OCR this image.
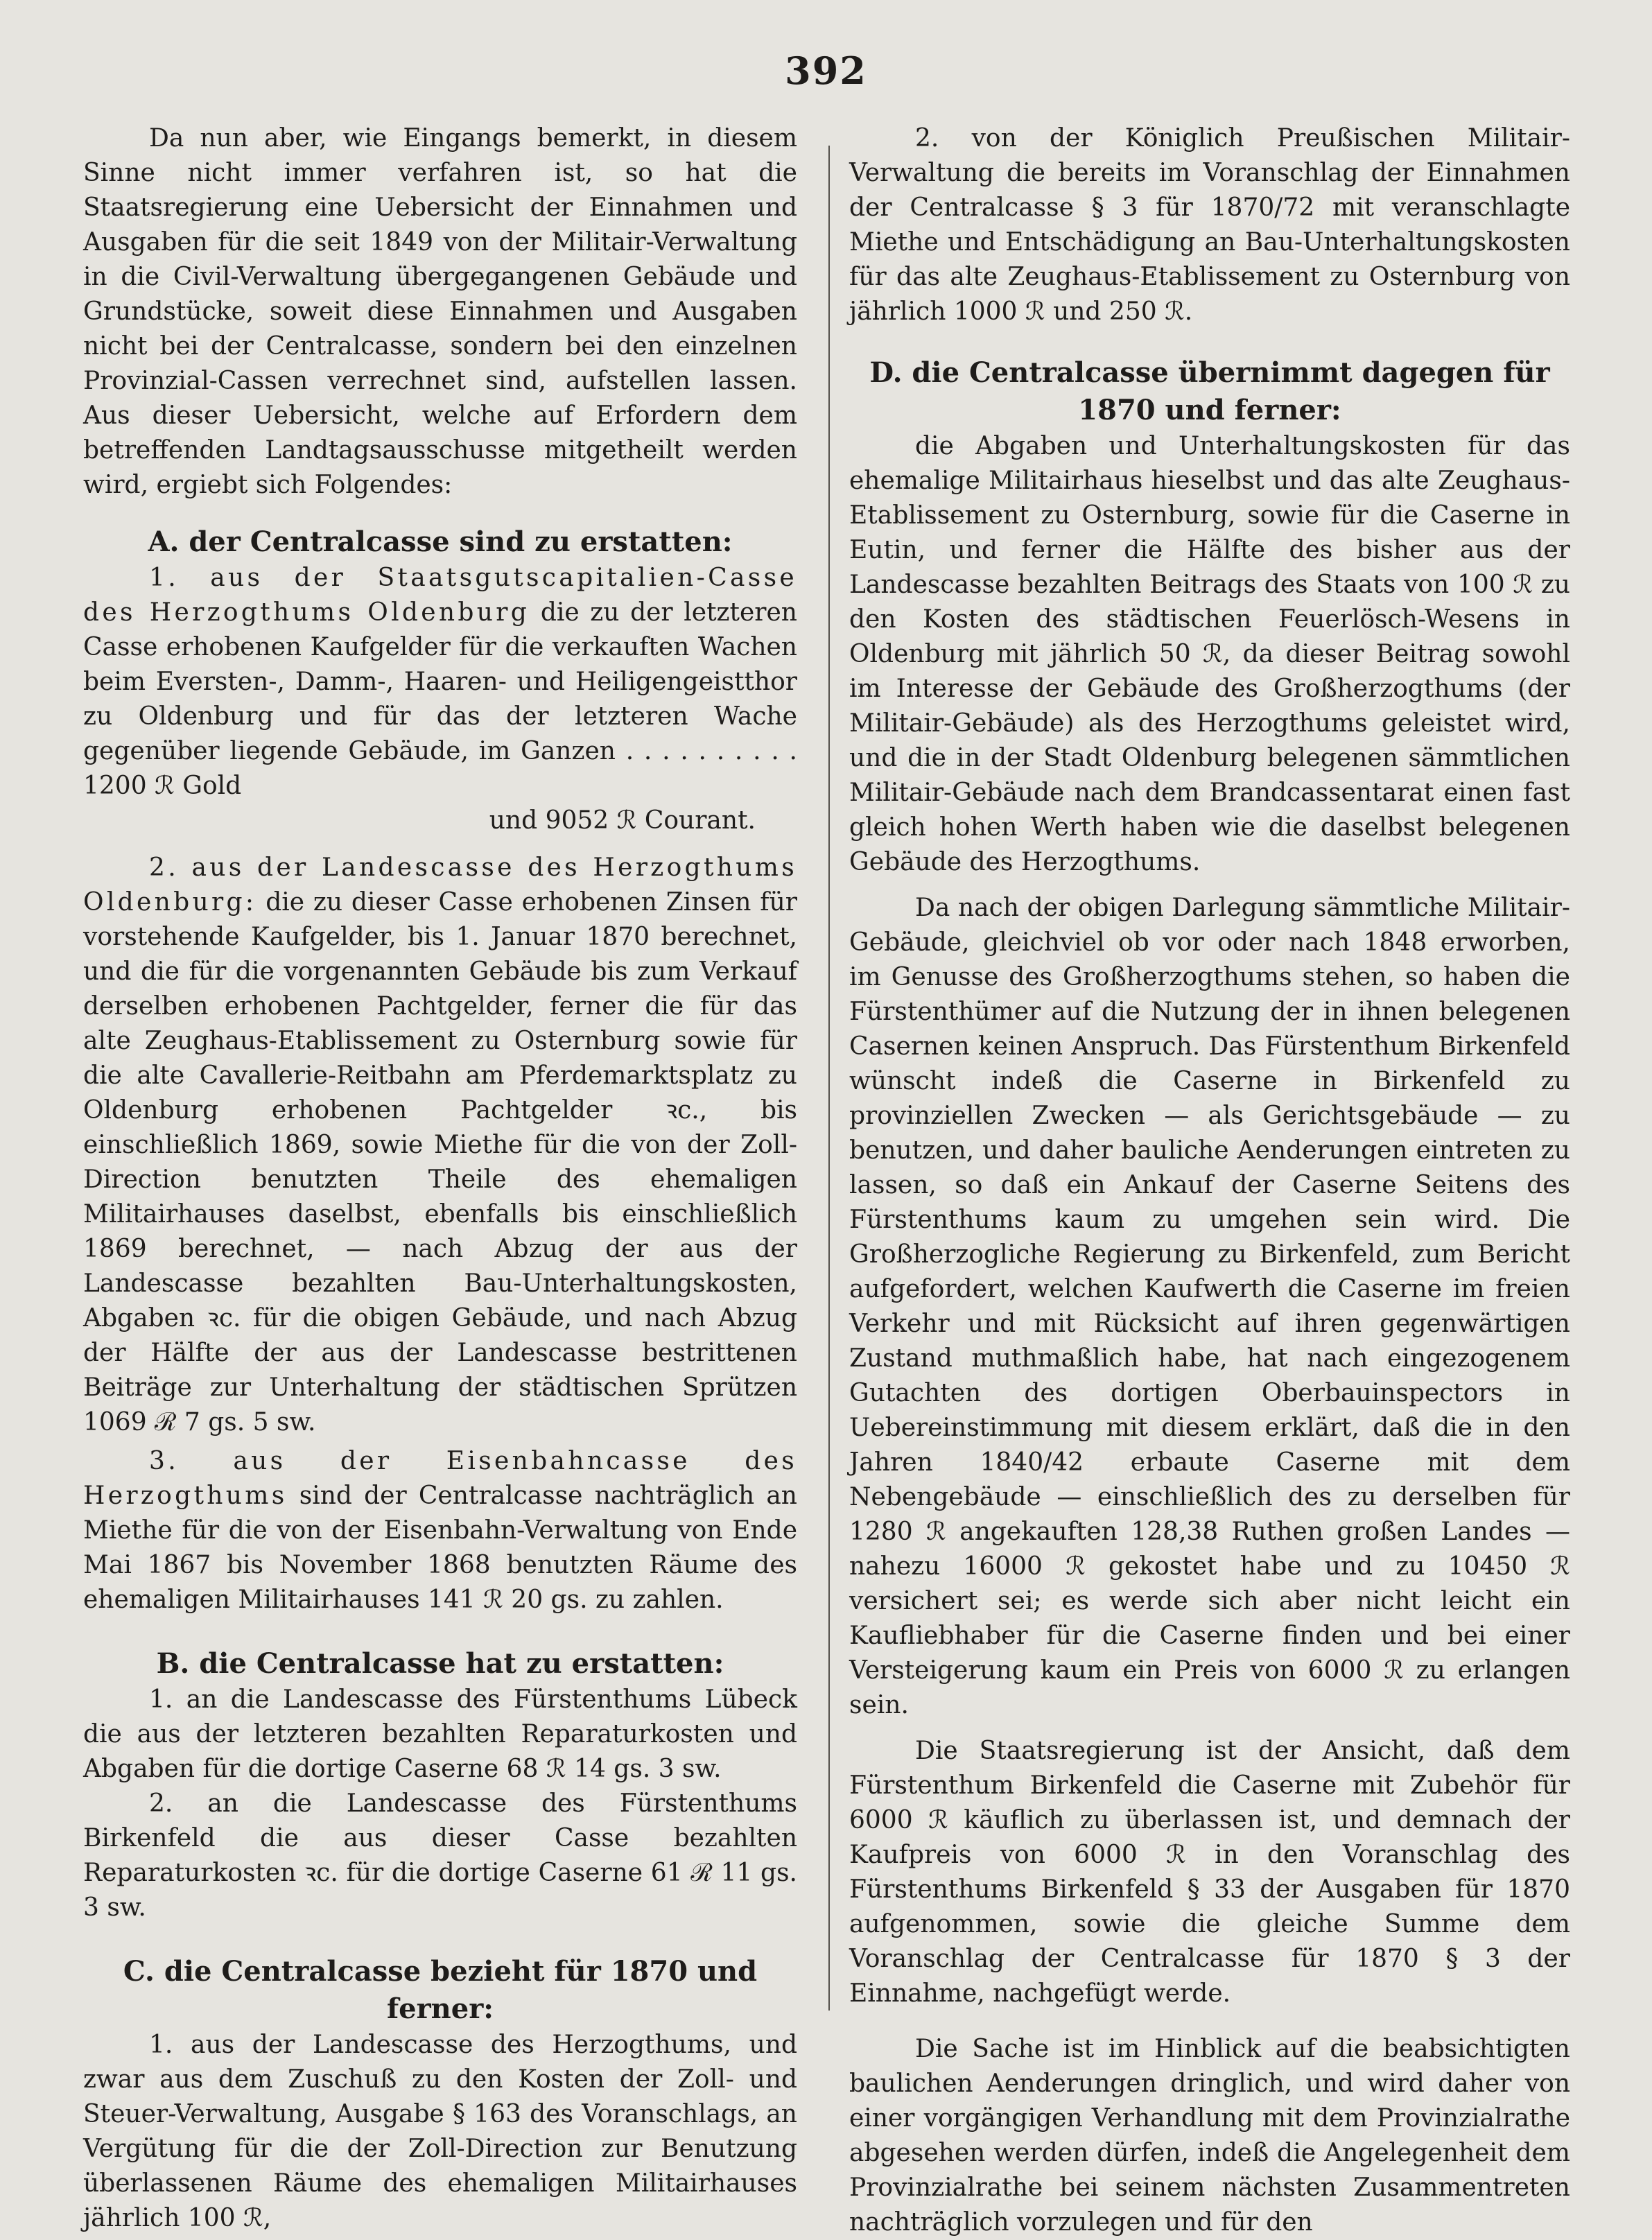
392

Da nun aber, wie Eingangs bemerkt, in diesem Sinne nicht immer verfahren ist, so hat die Staatsregierung eine Uebersicht der Einnahmen und Ausgaben für die seit 1849 von der Militair-Verwaltung in die Civil-Verwaltung übergegangenen Gebäude und Grundstücke, soweit diese Einnahmen und Ausgaben nicht bei der Centralcasse, sondern bei den einzelnen Provinzial-Cassen verrechnet sind, aufstellen lassen. Aus dieser Uebersicht, welche auf Erfordern dem betreffenden Landtagsausschusse mitgetheilt werden wird, ergiebt sich Folgendes:

A. der Centralcasse sind zu erstatten:

1. aus der Staatsgutscapitalien-Casse des Herzogthums Oldenburg die zu der letzteren Casse erhobenen Kaufgelder für die verkauften Wachen beim Eversten-, Damm-, Haaren- und Heiligengeistthor zu Oldenburg und für das der letzteren Wache gegenüber liegende Gebäude, im Ganzen . . . . . . . . . . 1200 ℛ Gold

und 9052 ℛ Courant.

2. aus der Landescasse des Herzogthums Oldenburg: die zu dieser Casse erhobenen Zinsen für vorstehende Kaufgelder, bis 1. Januar 1870 berechnet, und die für die vorgenannten Gebäude bis zum Verkauf derselben erhobenen Pachtgelder, ferner die für das alte Zeughaus-Etablissement zu Osternburg sowie für die alte Cavallerie-Reitbahn am Pferdemarktsplatz zu Oldenburg erhobenen Pachtgelder ꝛc., bis einschließlich 1869, sowie Miethe für die von der Zoll-Direction benutzten Theile des ehemaligen Militairhauses daselbst, ebenfalls bis einschließlich 1869 berechnet, — nach Abzug der aus der Landescasse bezahlten Bau-Unterhaltungskosten, Abgaben ꝛc. für die obigen Gebäude, und nach Abzug der Hälfte der aus der Landescasse bestrittenen Beiträge zur Unterhaltung der städtischen Sprützen 1069 ℛ 7 gs. 5 sw.

3. aus der Eisenbahncasse des Herzogthums sind der Centralcasse nachträglich an Miethe für die von der Eisenbahn-Verwaltung von Ende Mai 1867 bis November 1868 benutzten Räume des ehemaligen Militairhauses 141 ℛ 20 gs. zu zahlen.

B. die Centralcasse hat zu erstatten:

1. an die Landescasse des Fürstenthums Lübeck die aus der letzteren bezahlten Reparaturkosten und Abgaben für die dortige Caserne 68 ℛ 14 gs. 3 sw.

2. an die Landescasse des Fürstenthums Birkenfeld die aus dieser Casse bezahlten Reparaturkosten ꝛc. für die dortige Caserne 61 ℛ 11 gs. 3 sw.

C. die Centralcasse bezieht für 1870 und ferner:

1. aus der Landescasse des Herzogthums, und zwar aus dem Zuschuß zu den Kosten der Zoll- und Steuer-Verwaltung, Ausgabe § 163 des Voranschlags, an Vergütung für die der Zoll-Direction zur Benutzung überlassenen Räume des ehemaligen Militairhauses jährlich 100 ℛ,

2. von der Königlich Preußischen Militair-Verwaltung die bereits im Voranschlag der Einnahmen der Centralcasse § 3 für 1870/72 mit veranschlagte Miethe und Entschädigung an Bau-Unterhaltungskosten für das alte Zeughaus-Etablissement zu Osternburg von jährlich 1000 ℛ und 250 ℛ.

D. die Centralcasse übernimmt dagegen für 1870 und ferner:

die Abgaben und Unterhaltungskosten für das ehemalige Militairhaus hieselbst und das alte Zeughaus-Etablissement zu Osternburg, sowie für die Caserne in Eutin, und ferner die Hälfte des bisher aus der Landescasse bezahlten Beitrags des Staats von 100 ℛ zu den Kosten des städtischen Feuerlösch-Wesens in Oldenburg mit jährlich 50 ℛ, da dieser Beitrag sowohl im Interesse der Gebäude des Großherzogthums (der Militair-Gebäude) als des Herzogthums geleistet wird, und die in der Stadt Oldenburg belegenen sämmtlichen Militair-Gebäude nach dem Brandcassentarat einen fast gleich hohen Werth haben wie die daselbst belegenen Gebäude des Herzogthums.

Da nach der obigen Darlegung sämmtliche Militair-Gebäude, gleichviel ob vor oder nach 1848 erworben, im Genusse des Großherzogthums stehen, so haben die Fürstenthümer auf die Nutzung der in ihnen belegenen Casernen keinen Anspruch. Das Fürstenthum Birkenfeld wünscht indeß die Caserne in Birkenfeld zu provinziellen Zwecken — als Gerichtsgebäude — zu benutzen, und daher bauliche Aenderungen eintreten zu lassen, so daß ein Ankauf der Caserne Seitens des Fürstenthums kaum zu umgehen sein wird. Die Großherzogliche Regierung zu Birkenfeld, zum Bericht aufgefordert, welchen Kaufwerth die Caserne im freien Verkehr und mit Rücksicht auf ihren gegenwärtigen Zustand muthmaßlich habe, hat nach eingezogenem Gutachten des dortigen Oberbauinspectors in Uebereinstimmung mit diesem erklärt, daß die in den Jahren 1840/42 erbaute Caserne mit dem Nebengebäude — einschließlich des zu derselben für 1280 ℛ angekauften 128,38 Ruthen großen Landes — nahezu 16000 ℛ gekostet habe und zu 10450 ℛ versichert sei; es werde sich aber nicht leicht ein Kaufliebhaber für die Caserne finden und bei einer Versteigerung kaum ein Preis von 6000 ℛ zu erlangen sein.

Die Staatsregierung ist der Ansicht, daß dem Fürstenthum Birkenfeld die Caserne mit Zubehör für 6000 ℛ käuflich zu überlassen ist, und demnach der Kaufpreis von 6000 ℛ in den Voranschlag des Fürstenthums Birkenfeld § 33 der Ausgaben für 1870 aufgenommen, sowie die gleiche Summe dem Voranschlag der Centralcasse für 1870 § 3 der Einnahme, nachgefügt werde.

Die Sache ist im Hinblick auf die beabsichtigten baulichen Aenderungen dringlich, und wird daher von einer vorgängigen Verhandlung mit dem Provinzialrathe abgesehen werden dürfen, indeß die Angelegenheit dem Provinzialrathe bei seinem nächsten Zusammentreten nachträglich vorzulegen und für den
